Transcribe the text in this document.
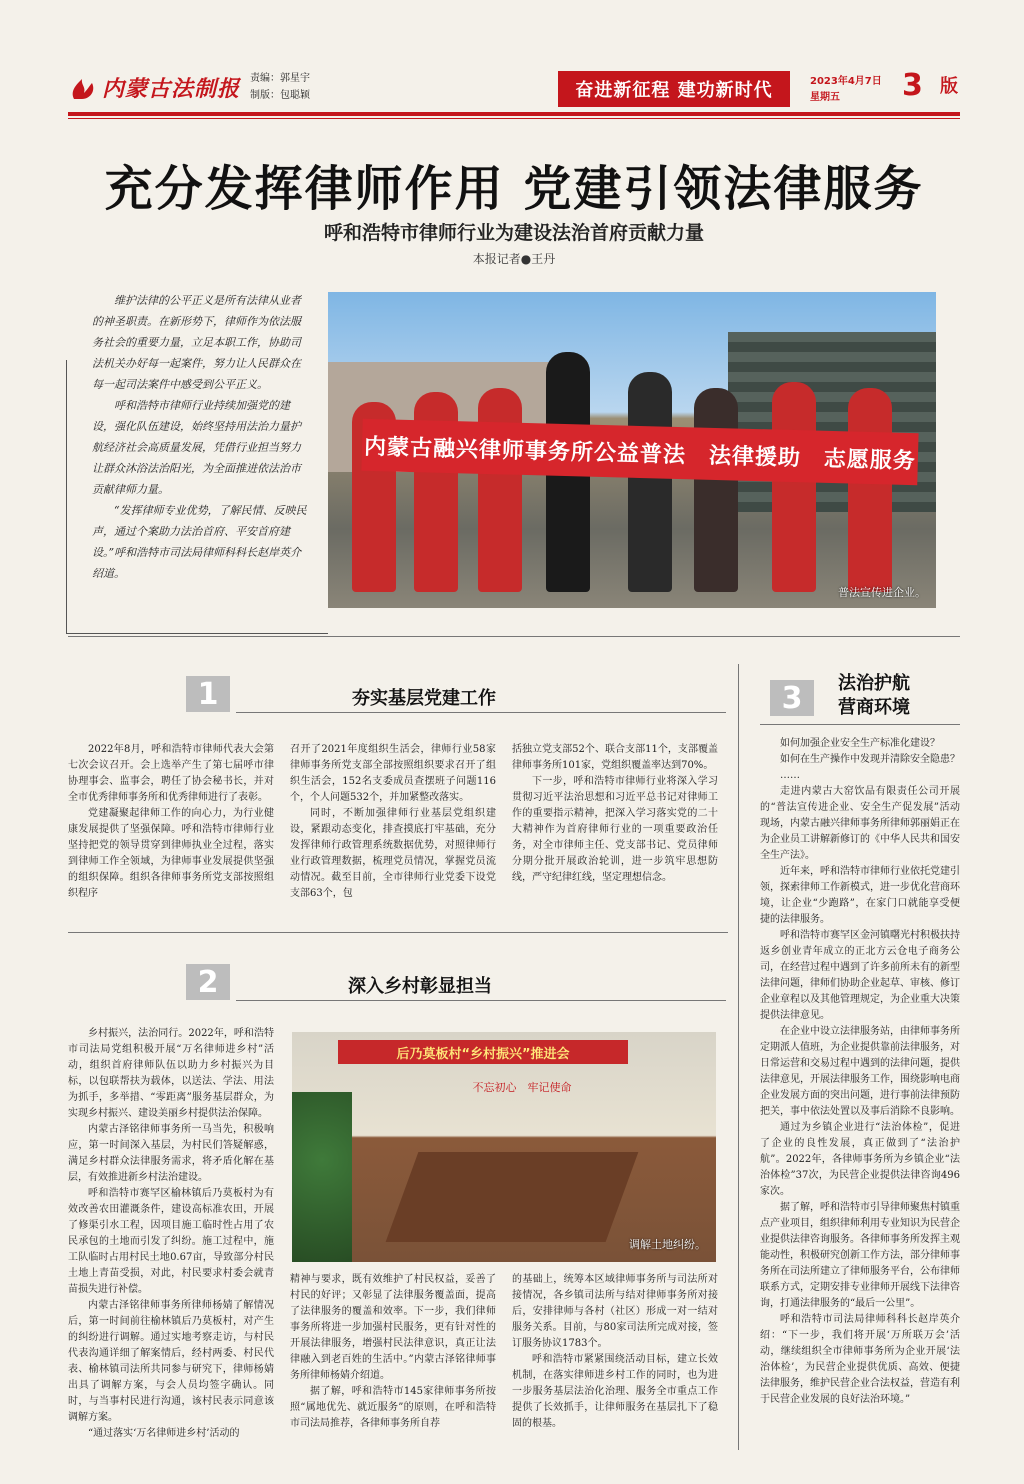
内蒙古法制报 责编：郭星宇
制版：包聪颖	奋进新征程 建功新时代	2023年4月7日
星期五	3 版
充分发挥律师作用 党建引领法律服务
呼和浩特市律师行业为建设法治首府贡献力量
本报记者●王丹

维护法律的公平正义是所有法律从业者的神圣职责。在新形势下，律师作为依法服务社会的重要力量，立足本职工作，协助司法机关办好每一起案件，努力让人民群众在每一起司法案件中感受到公平正义。

呼和浩特市律师行业持续加强党的建设，强化队伍建设，始终坚持用法治力量护航经济社会高质量发展，凭借行业担当努力让群众沐浴法治阳光，为全面推进依法治市贡献律师力量。

“发挥律师专业优势，了解民情、反映民声，通过个案助力法治首府、平安首府建设。”呼和浩特市司法局律师科科长赵岸英介绍道。

内蒙古融兴律师事务所公益普法　法律援助　志愿服务
普法宣传进企业。
1	夯实基层党建工作

2022年8月，呼和浩特市律师代表大会第七次会议召开。会上选举产生了第七届呼市律协理事会、监事会，聘任了协会秘书长，并对全市优秀律师事务所和优秀律师进行了表彰。

党建凝聚起律师工作的向心力，为行业健康发展提供了坚强保障。呼和浩特市律师行业坚持把党的领导贯穿到律师执业全过程，落实到律师工作全领域，为律师事业发展提供坚强的组织保障。组织各律师事务所党支部按照组织程序

召开了2021年度组织生活会，律师行业58家律师事务所党支部全部按照组织要求召开了组织生活会，152名支委成员查摆班子问题116个，个人问题532个，并加紧整改落实。

同时，不断加强律师行业基层党组织建设，紧跟动态变化，排查摸底打牢基础，充分发挥律师行政管理系统数据优势，对照律师行业行政管理数据，梳理党员情况，掌握党员流动情况。截至目前，全市律师行业党委下设党支部63个，包

括独立党支部52个、联合支部11个，支部覆盖律师事务所101家，党组织覆盖率达到70%。

下一步，呼和浩特市律师行业将深入学习贯彻习近平法治思想和习近平总书记对律师工作的重要指示精神，把深入学习落实党的二十大精神作为首府律师行业的一项重要政治任务，对全市律师主任、党支部书记、党员律师分期分批开展政治轮训，进一步筑牢思想防线，严守纪律红线，坚定理想信念。

2	深入乡村彰显担当

乡村振兴，法治同行。2022年，呼和浩特市司法局党组积极开展“万名律师进乡村”活动，组织首府律师队伍以助力乡村振兴为目标，以包联帮扶为载体，以送法、学法、用法为抓手，多举措、“零距离”服务基层群众，为实现乡村振兴、建设美丽乡村提供法治保障。

内蒙古泽铭律师事务所一马当先，积极响应，第一时间深入基层，为村民们答疑解惑，满足乡村群众法律服务需求，将矛盾化解在基层，有效推进新乡村法治建设。

呼和浩特市赛罕区榆林镇后乃莫板村为有效改善农田灌溉条件，建设高标准农田，开展了修渠引水工程，因项目施工临时性占用了农民承包的土地而引发了纠纷。施工过程中，施工队临时占用村民土地0.67亩，导致部分村民土地上青苗受损，对此，村民要求村委会就青苗损失进行补偿。

内蒙古泽铭律师事务所律师杨婧了解情况后，第一时间前往榆林镇后乃莫板村，对产生的纠纷进行调解。通过实地考察走访，与村民代表沟通详细了解案情后，经村两委、村民代表、榆林镇司法所共同参与研究下，律师杨婧出具了调解方案，与会人员均签字确认。同时，与当事村民进行沟通，该村民表示同意该调解方案。

“通过落实‘万名律师进乡村’活动的

后乃莫板村“乡村振兴”推进会
不忘初心　牢记使命
调解土地纠纷。

精神与要求，既有效维护了村民权益，妥善了村民的好评；又彰显了法律服务覆盖面，提高了法律服务的覆盖和效率。下一步，我们律师事务所将进一步加强村民服务，更有针对性的开展法律服务，增强村民法律意识，真正让法律融入到老百姓的生活中。”内蒙古泽铭律师事务所律师杨婧介绍道。

据了解，呼和浩特市145家律师事务所按照“属地优先、就近服务”的原则，在呼和浩特市司法局推荐，各律师事务所自荐

的基础上，统筹本区域律师事务所与司法所对接情况，各乡镇司法所与结对律师事务所对接后，安排律师与各村（社区）形成一对一结对服务关系。目前，与80家司法所完成对接，签订服务协议1783个。

呼和浩特市紧紧围绕活动目标，建立长效机制，在落实律师进乡村工作的同时，也为进一步服务基层法治化治理、服务全市重点工作提供了长效抓手，让律师服务在基层扎下了稳固的根基。

3	法治护航
营商环境

如何加强企业安全生产标准化建设？

如何在生产操作中发现并清除安全隐患？

……

走进内蒙古大窑饮品有限责任公司开展的“普法宣传进企业、安全生产促发展”活动现场，内蒙古融兴律师事务所律师郭丽娟正在为企业员工讲解新修订的《中华人民共和国安全生产法》。

近年来，呼和浩特市律师行业依托党建引领，探索律师工作新模式，进一步优化营商环境，让企业“少跑路”，在家门口就能享受便捷的法律服务。

呼和浩特市赛罕区金河镇曙光村积极扶持返乡创业青年成立的正北方云仓电子商务公司，在经营过程中遇到了许多前所未有的新型法律问题，律师们协助企业起草、审核、修订企业章程以及其他管理规定，为企业重大决策提供法律意见。

在企业中设立法律服务站，由律师事务所定期派人值班，为企业提供靠前法律服务，对日常运营和交易过程中遇到的法律问题，提供法律意见，开展法律服务工作，围绕影响电商企业发展方面的突出问题，进行事前法律预防把关，事中依法处置以及事后消除不良影响。

通过为乡镇企业进行“法治体检”，促进了企业的良性发展，真正做到了“法治护航”。2022年，各律师事务所为乡镇企业“法治体检”37次，为民营企业提供法律咨询496家次。

据了解，呼和浩特市引导律师聚焦村镇重点产业项目，组织律师利用专业知识为民营企业提供法律咨询服务。各律师事务所发挥主观能动性，积极研究创新工作方法，部分律师事务所在司法所建立了律师服务平台，公布律师联系方式，定期安排专业律师开展线下法律咨询，打通法律服务的“最后一公里”。

呼和浩特市司法局律师科科长赵岸英介绍：“下一步，我们将开展‘万所联万会’活动，继续组织全市律师事务所为企业开展‘法治体检’，为民营企业提供优质、高效、便捷法律服务，维护民营企业合法权益，营造有利于民营企业发展的良好法治环境。”
